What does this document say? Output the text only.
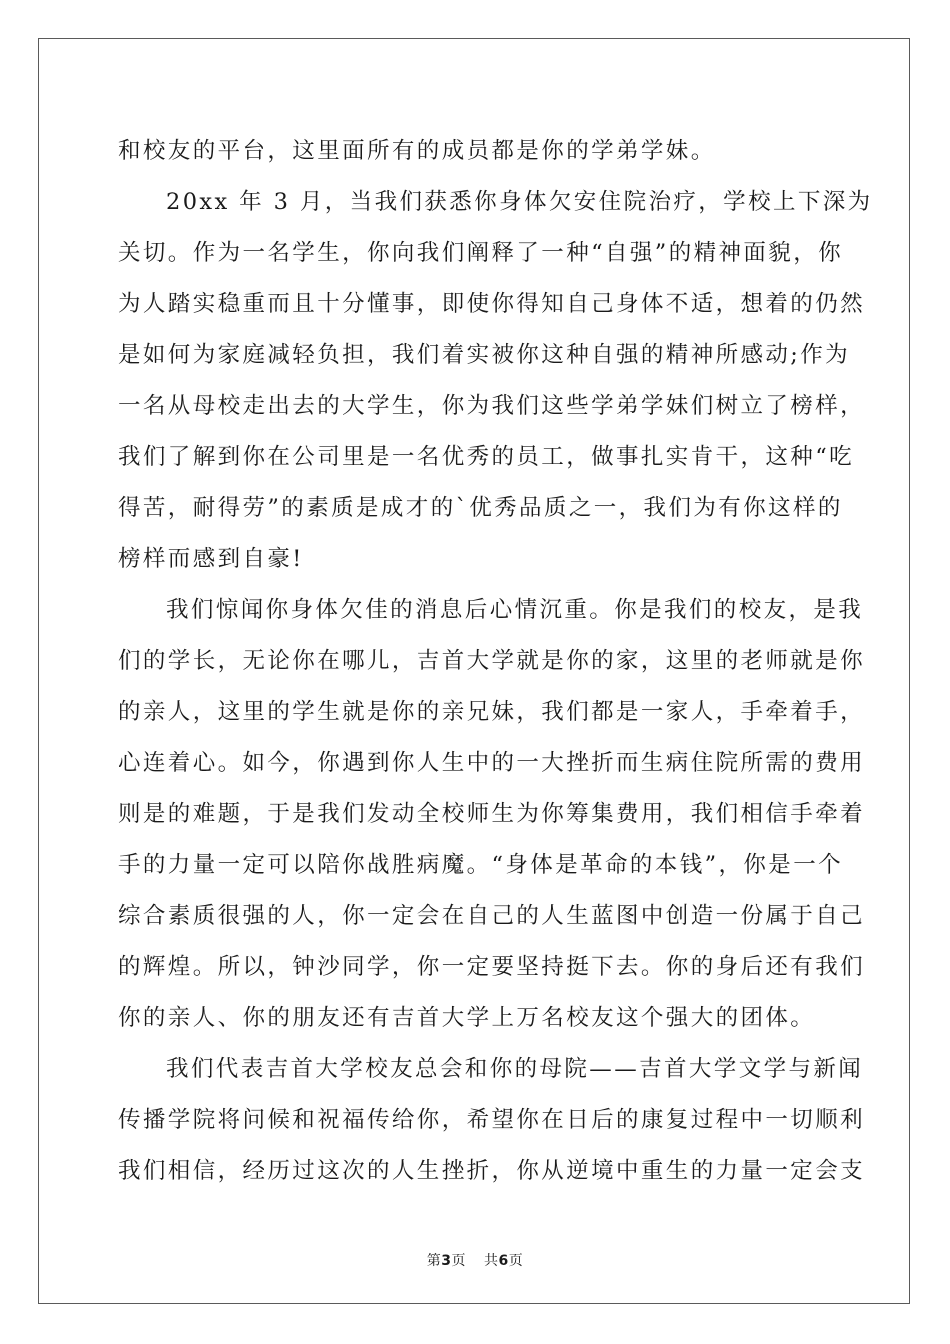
和校友的平台，这里面所有的成员都是你的学弟学妹。
20xx 年 3 月，当我们获悉你身体欠安住院治疗，学校上下深为
关切。作为一名学生，你向我们阐释了一种“自强”的精神面貌，你
为人踏实稳重而且十分懂事，即使你得知自己身体不适，想着的仍然
是如何为家庭减轻负担，我们着实被你这种自强的精神所感动;作为
一名从母校走出去的大学生，你为我们这些学弟学妹们树立了榜样，
我们了解到你在公司里是一名优秀的员工，做事扎实肯干，这种“吃
得苦，耐得劳”的素质是成才的`优秀品质之一，我们为有你这样的
榜样而感到自豪!
我们惊闻你身体欠佳的消息后心情沉重。你是我们的校友，是我
们的学长，无论你在哪儿，吉首大学就是你的家，这里的老师就是你
的亲人，这里的学生就是你的亲兄妹，我们都是一家人，手牵着手，
心连着心。如今，你遇到你人生中的一大挫折而生病住院所需的费用
则是的难题，于是我们发动全校师生为你筹集费用，我们相信手牵着
手的力量一定可以陪你战胜病魔。“身体是革命的本钱”，你是一个
综合素质很强的人，你一定会在自己的人生蓝图中创造一份属于自己
的辉煌。所以，钟沙同学，你一定要坚持挺下去。你的身后还有我们
你的亲人、你的朋友还有吉首大学上万名校友这个强大的团体。
我们代表吉首大学校友总会和你的母院——吉首大学文学与新闻
传播学院将问候和祝福传给你，希望你在日后的康复过程中一切顺利
我们相信，经历过这次的人生挫折，你从逆境中重生的力量一定会支
第3页 共6页
